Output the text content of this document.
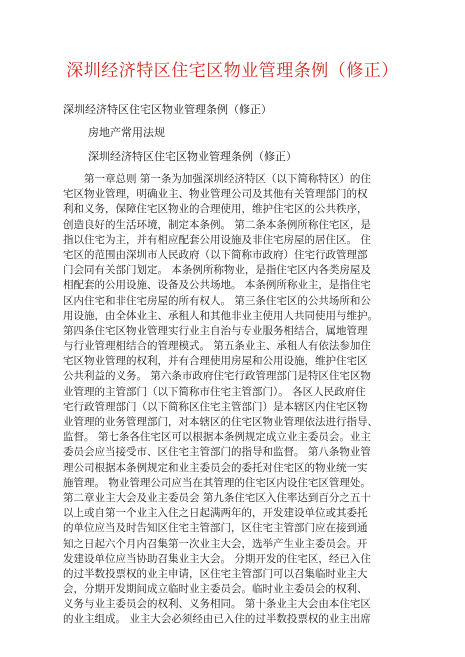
深圳经济特区住宅区物业管理条例（修正）
深圳经济特区住宅区物业管理条例（修正）
房地产常用法规
深圳经济特区住宅区物业管理条例（修正）
第一章总则 第一条为加强深圳经济特区（以下简称特区）的住
宅区物业管理，明确业主、物业管理公司及其他有关管理部门的权
利和义务，保障住宅区物业的合理使用，维护住宅区的公共秩序，
创造良好的生活环境，制定本条例。 第二条本条例所称住宅区，是
指以住宅为主，并有相应配套公用设施及非住宅房屋的居住区。 住
宅区的范围由深圳市人民政府（以下简称市政府）住宅行政管理部
门会同有关部门划定。 本条例所称物业，是指住宅区内各类房屋及
相配套的公用设施、设备及公共场地。 本条例所称业主，是指住宅
区内住宅和非住宅房屋的所有权人。 第三条住宅区的公共场所和公
用设施，由全体业主、承租人和其他非业主使用人共同使用与维护。
第四条住宅区物业管理实行业主自治与专业服务相结合，属地管理
与行业管理相结合的管理模式。 第五条业主、承租人有依法参加住
宅区物业管理的权利，并有合理使用房屋和公用设施，维护住宅区
公共利益的义务。 第六条市政府住宅行政管理部门是特区住宅区物
业管理的主管部门（以下简称市住宅主管部门）。 各区人民政府住
宅行政管理部门（以下简称区住宅主管部门）是本辖区内住宅区物
业管理的业务管理部门，对本辖区的住宅区物业管理依法进行指导、
监督。 第七条各住宅区可以根据本条例规定成立业主委员会。业主
委员会应当接受市、区住宅主管部门的指导和监督。 第八条物业管
理公司根据本条例规定和业主委员会的委托对住宅区的物业统一实
施管理。 物业管理公司应当在其管理的住宅区内设住宅区管理处。
第二章业主大会及业主委员会 第九条住宅区入住率达到百分之五十
以上或自第一个业主入住之日起满两年的，开发建设单位或其委托
的单位应当及时告知区住宅主管部门，区住宅主管部门应在接到通
知之日起六个月内召集第一次业主大会，选举产生业主委员会。开
发建设单位应当协助召集业主大会。 分期开发的住宅区，经已入住
的过半数投票权的业主申请，区住宅主管部门可以召集临时业主大
会，分期开发期间成立临时业主委员会。临时业主委员会的权利、
义务与业主委员会的权利、义务相同。 第十条业主大会由本住宅区
的业主组成。 业主大会必须经由已入住的过半数投票权的业主出席
